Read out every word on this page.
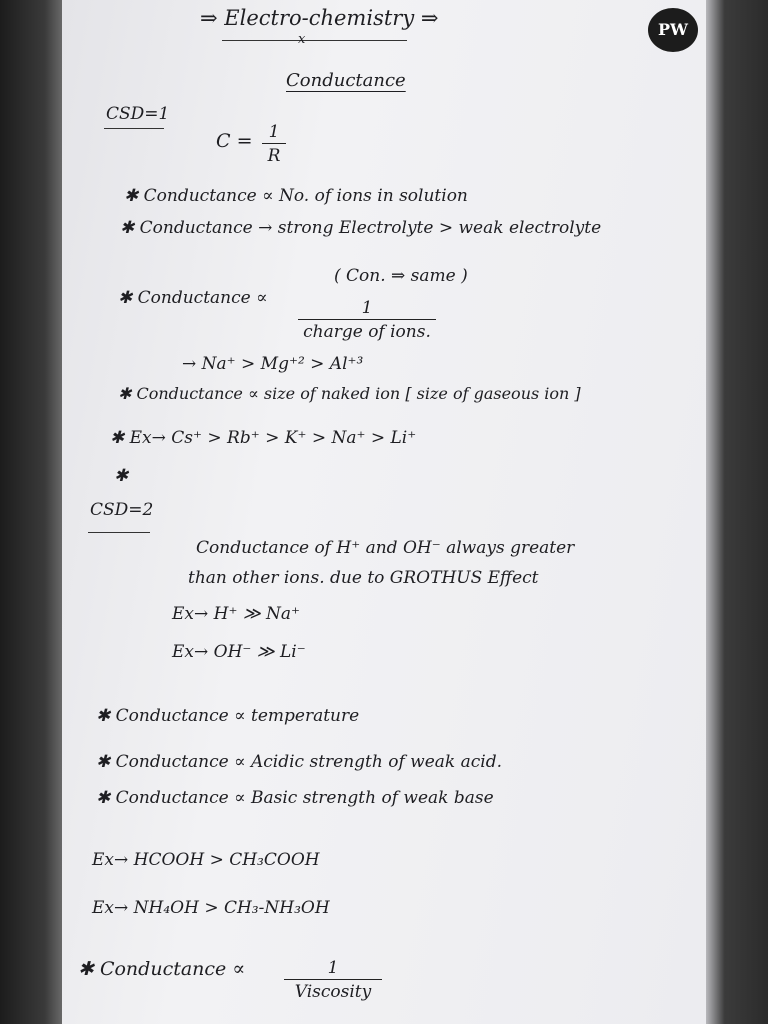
⇒ Electro-chemistry ⇒
x
Conductance
CSD=1
$C = \frac{1}{R}$
✱ Conductance ∝ No. of ions in solution
✱ Conductance → strong Electrolyte > weak electrolyte
( Con. ⇒ same )
✱ Conductance ∝	1
charge of ions.
→ Na⁺ > Mg⁺² > Al⁺³
✱ Conductance ∝ size of naked ion [ size of gaseous ion ]
✱ Ex→ Cs⁺ > Rb⁺ > K⁺ > Na⁺ > Li⁺
✱
CSD=2
Conductance of H⁺ and OH⁻ always greater
than other ions. due to GROTHUS Effect
Ex→ H⁺ ≫ Na⁺
Ex→ OH⁻ ≫ Li⁻
✱ Conductance ∝ temperature
✱ Conductance ∝ Acidic strength of weak acid.
✱ Conductance ∝ Basic strength of weak base
Ex→ HCOOH > CH₃COOH
Ex→ NH₄OH > CH₃-NH₃OH
✱ Conductance ∝	1
Viscosity
PW
